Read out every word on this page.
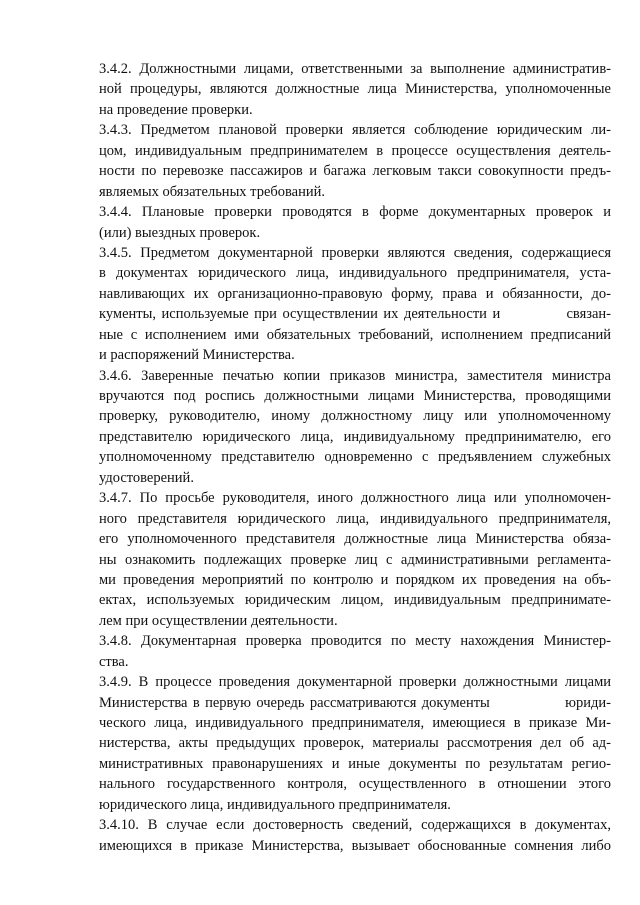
3.4.2. Должностными лицами, ответственными за выполнение административ-
ной процедуры, являются должностные лица Министерства, уполномоченные
на проведение проверки.
3.4.3. Предметом плановой проверки является соблюдение юридическим ли-
цом, индивидуальным предпринимателем в процессе осуществления деятель-
ности по перевозке пассажиров и багажа легковым такси совокупности предъ-
являемых обязательных требований.
3.4.4. Плановые проверки проводятся в форме документарных проверок и
(или) выездных проверок.
3.4.5. Предметом документарной проверки являются сведения, содержащиеся
в документах юридического лица, индивидуального предпринимателя, уста-
навливающих их организационно-правовую форму, права и обязанности, до-
кументы, используемые при осуществлении их деятельности и            связан-
ные с исполнением ими обязательных требований, исполнением предписаний
и распоряжений Министерства.
3.4.6. Заверенные печатью копии приказов министра, заместителя министра
вручаются под роспись должностными лицами Министерства, проводящими
проверку, руководителю, иному должностному лицу или уполномоченному
представителю юридического лица, индивидуальному предпринимателю, его
уполномоченному представителю одновременно с предъявлением служебных
удостоверений.
3.4.7. По просьбе руководителя, иного должностного лица или уполномочен-
ного представителя юридического лица, индивидуального предпринимателя,
его уполномоченного представителя должностные лица Министерства обяза-
ны ознакомить подлежащих проверке лиц с административными регламента-
ми проведения мероприятий по контролю и порядком их проведения на объ-
ектах, используемых юридическим лицом, индивидуальным предпринимате-
лем при осуществлении деятельности.
3.4.8. Документарная проверка проводится по месту нахождения Министер-
ства.
3.4.9. В процессе проведения документарной проверки должностными лицами
Министерства в первую очередь рассматриваются документы              юриди-
ческого лица, индивидуального предпринимателя, имеющиеся в приказе Ми-
нистерства, акты предыдущих проверок, материалы рассмотрения дел об ад-
министративных правонарушениях и иные документы по результатам регио-
нального государственного контроля, осуществленного в отношении этого
юридического лица, индивидуального предпринимателя.
3.4.10. В случае если достоверность сведений, содержащихся в документах,
имеющихся в приказе Министерства, вызывает обоснованные сомнения либо
